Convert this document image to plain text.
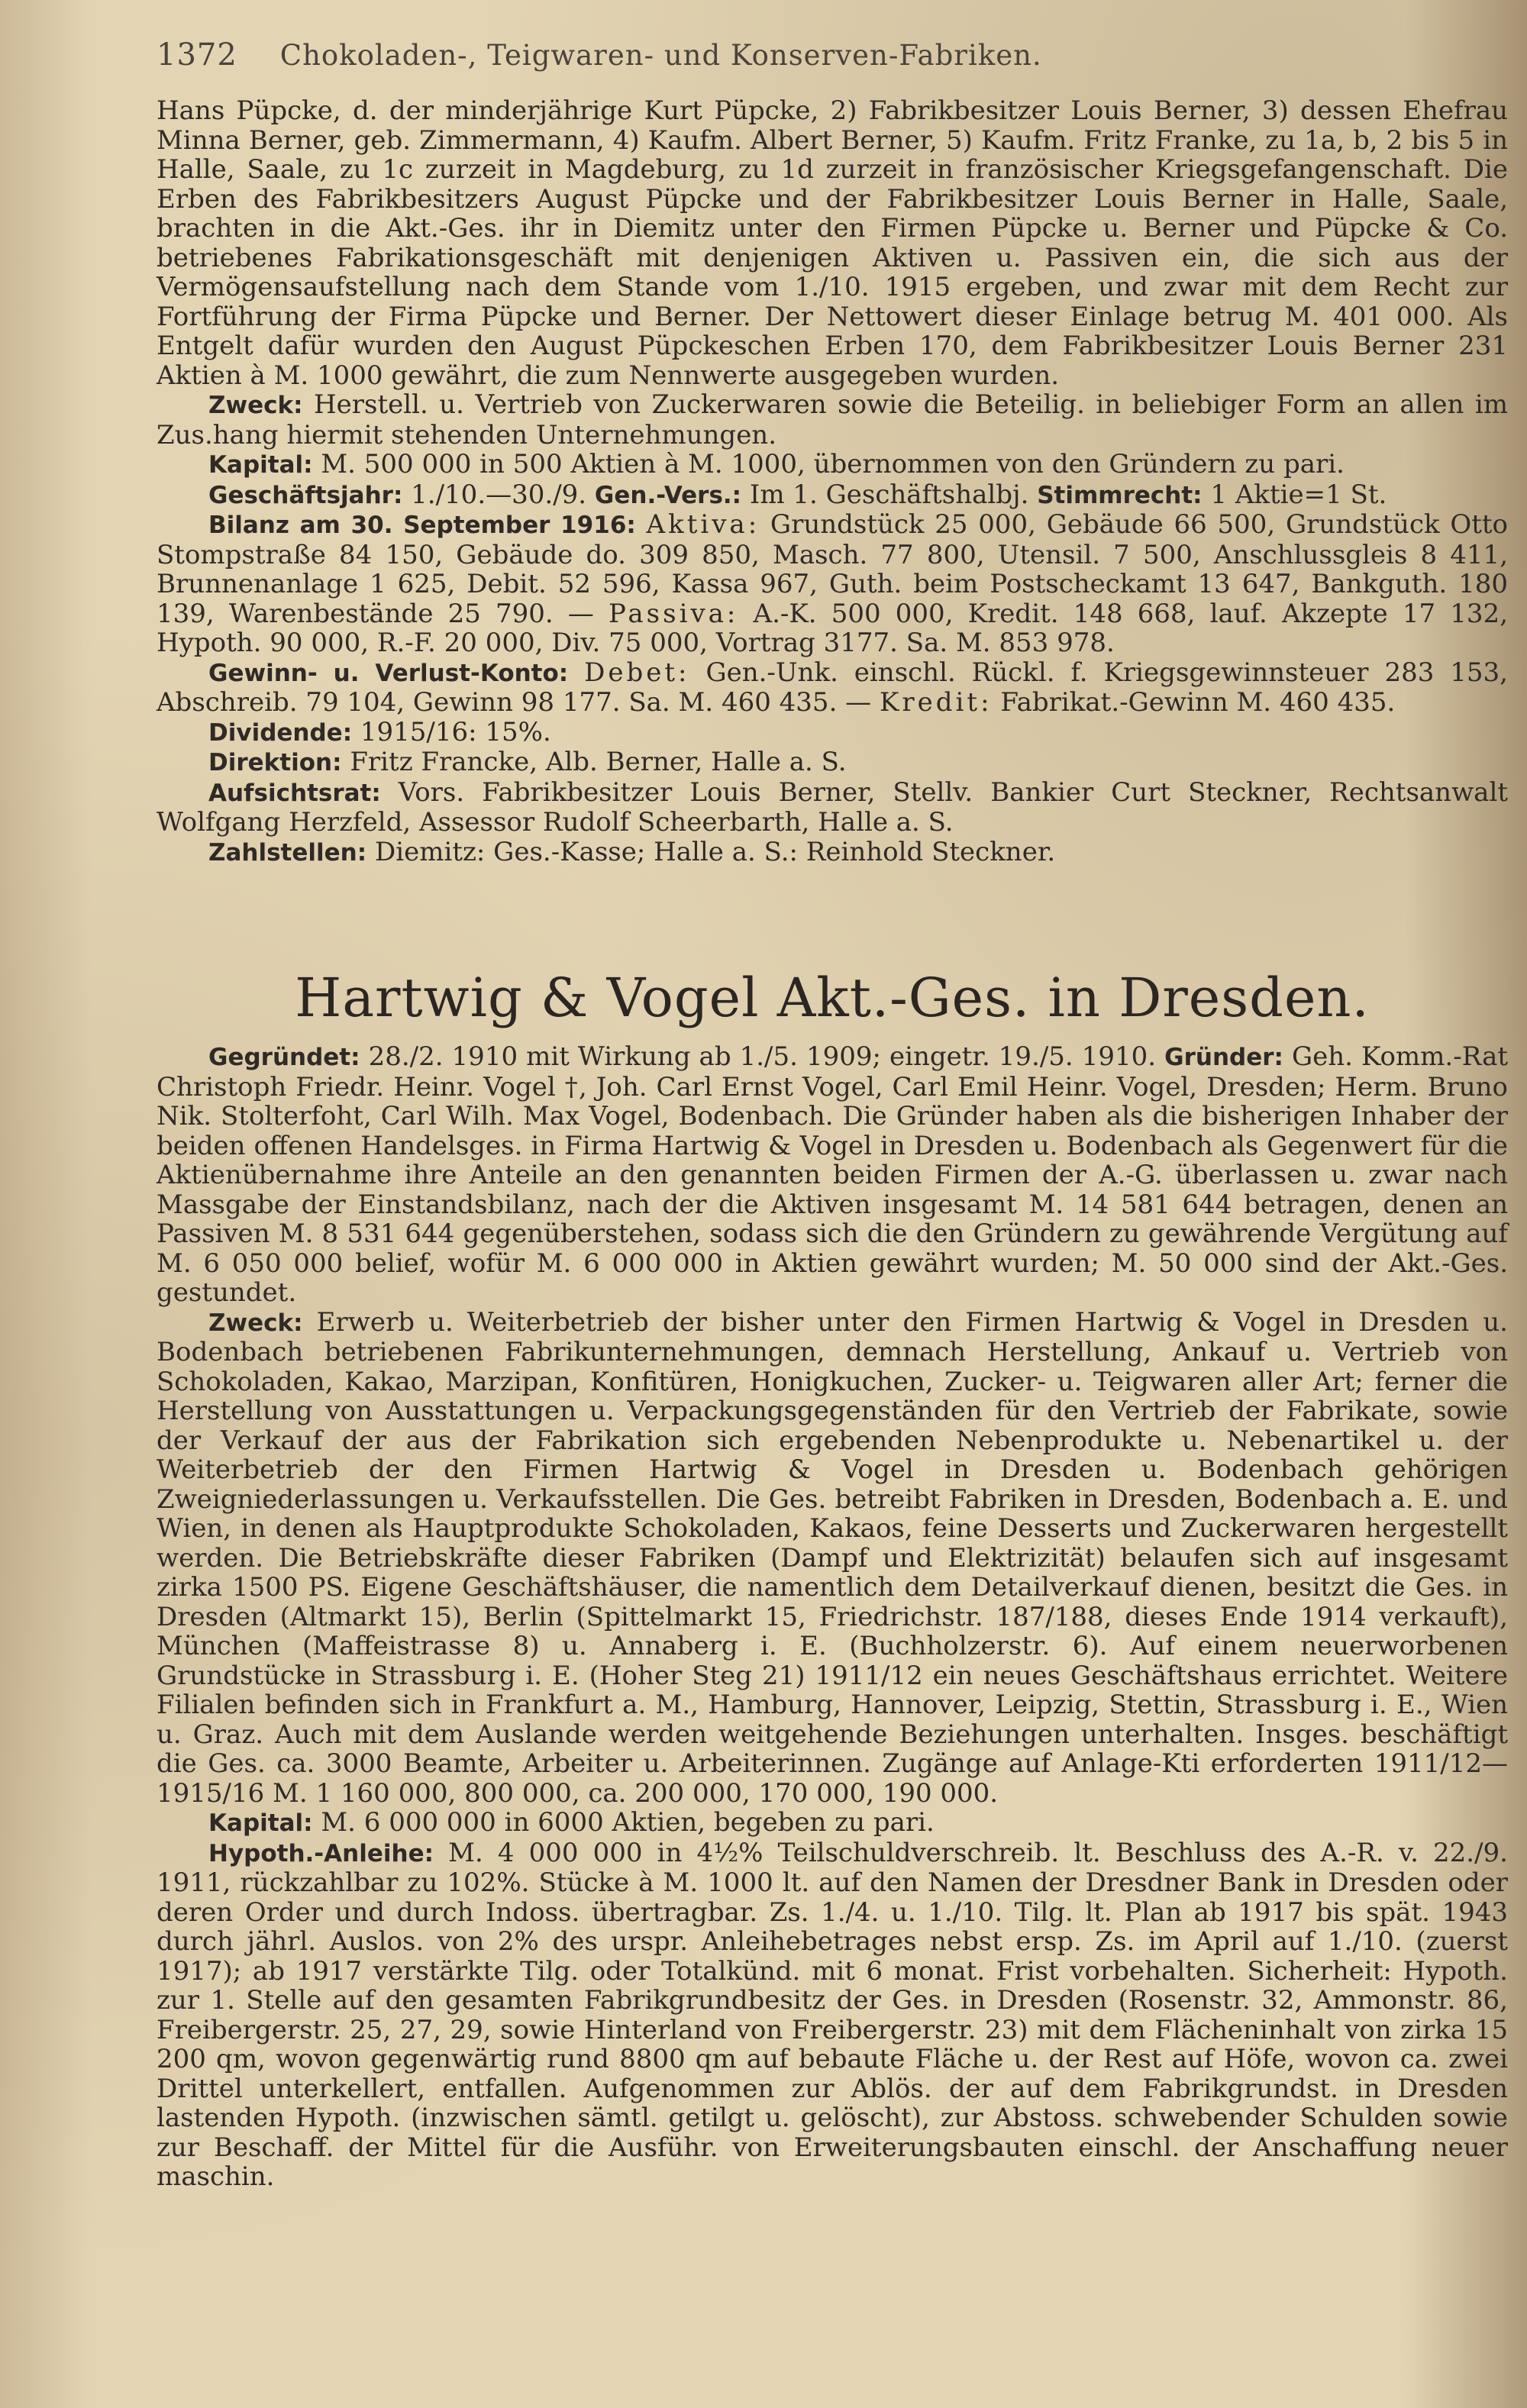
1372 Chokoladen-, Teigwaren- und Konserven-Fabriken.

Hans Püpcke, d. der minderjährige Kurt Püpcke, 2) Fabrikbesitzer Louis Berner, 3) dessen Ehefrau Minna Berner, geb. Zimmermann, 4) Kaufm. Albert Berner, 5) Kaufm. Fritz Franke, zu 1a, b, 2 bis 5 in Halle, Saale, zu 1c zurzeit in Magdeburg, zu 1d zurzeit in französischer Kriegsgefangenschaft. Die Erben des Fabrikbesitzers August Püpcke und der Fabrikbesitzer Louis Berner in Halle, Saale, brachten in die Akt.-Ges. ihr in Diemitz unter den Firmen Püpcke u. Berner und Püpcke & Co. betriebenes Fabrikationsgeschäft mit denjenigen Aktiven u. Passiven ein, die sich aus der Vermögensaufstellung nach dem Stande vom 1./10. 1915 ergeben, und zwar mit dem Recht zur Fortführung der Firma Püpcke und Berner. Der Nettowert dieser Einlage betrug M. 401 000. Als Entgelt dafür wurden den August Püpckeschen Erben 170, dem Fabrikbesitzer Louis Berner 231 Aktien à M. 1000 gewährt, die zum Nennwerte ausgegeben wurden.

Zweck: Herstell. u. Vertrieb von Zuckerwaren sowie die Beteilig. in beliebiger Form an allen im Zus.hang hiermit stehenden Unternehmungen.

Kapital: M. 500 000 in 500 Aktien à M. 1000, übernommen von den Gründern zu pari.

Geschäftsjahr: 1./10.—30./9. Gen.-Vers.: Im 1. Geschäftshalbj. Stimmrecht: 1 Aktie=1 St.

Bilanz am 30. September 1916: Aktiva: Grundstück 25 000, Gebäude 66 500, Grundstück Otto Stompstraße 84 150, Gebäude do. 309 850, Masch. 77 800, Utensil. 7 500, Anschlussgleis 8 411, Brunnenanlage 1 625, Debit. 52 596, Kassa 967, Guth. beim Postscheckamt 13 647, Bankguth. 180 139, Warenbestände 25 790. — Passiva: A.-K. 500 000, Kredit. 148 668, lauf. Akzepte 17 132, Hypoth. 90 000, R.-F. 20 000, Div. 75 000, Vortrag 3177. Sa. M. 853 978.

Gewinn- u. Verlust-Konto: Debet: Gen.-Unk. einschl. Rückl. f. Kriegsgewinnsteuer 283 153, Abschreib. 79 104, Gewinn 98 177. Sa. M. 460 435. — Kredit: Fabrikat.-Gewinn M. 460 435.

Dividende: 1915/16: 15%.

Direktion: Fritz Francke, Alb. Berner, Halle a. S.

Aufsichtsrat: Vors. Fabrikbesitzer Louis Berner, Stellv. Bankier Curt Steckner, Rechtsanwalt Wolfgang Herzfeld, Assessor Rudolf Scheerbarth, Halle a. S.

Zahlstellen: Diemitz: Ges.-Kasse; Halle a. S.: Reinhold Steckner.

Hartwig & Vogel Akt.-Ges. in Dresden.

Gegründet: 28./2. 1910 mit Wirkung ab 1./5. 1909; eingetr. 19./5. 1910. Gründer: Geh. Komm.-Rat Christoph Friedr. Heinr. Vogel †, Joh. Carl Ernst Vogel, Carl Emil Heinr. Vogel, Dresden; Herm. Bruno Nik. Stolterfoht, Carl Wilh. Max Vogel, Bodenbach. Die Gründer haben als die bisherigen Inhaber der beiden offenen Handelsges. in Firma Hartwig & Vogel in Dresden u. Bodenbach als Gegenwert für die Aktienübernahme ihre Anteile an den genannten beiden Firmen der A.-G. überlassen u. zwar nach Massgabe der Einstandsbilanz, nach der die Aktiven insgesamt M. 14 581 644 betragen, denen an Passiven M. 8 531 644 gegenüberstehen, sodass sich die den Gründern zu gewährende Vergütung auf M. 6 050 000 belief, wofür M. 6 000 000 in Aktien gewährt wurden; M. 50 000 sind der Akt.-Ges. gestundet.

Zweck: Erwerb u. Weiterbetrieb der bisher unter den Firmen Hartwig & Vogel in Dresden u. Bodenbach betriebenen Fabrikunternehmungen, demnach Herstellung, Ankauf u. Vertrieb von Schokoladen, Kakao, Marzipan, Konfitüren, Honigkuchen, Zucker- u. Teigwaren aller Art; ferner die Herstellung von Ausstattungen u. Verpackungsgegenständen für den Vertrieb der Fabrikate, sowie der Verkauf der aus der Fabrikation sich ergebenden Nebenprodukte u. Nebenartikel u. der Weiterbetrieb der den Firmen Hartwig & Vogel in Dresden u. Bodenbach gehörigen Zweigniederlassungen u. Verkaufsstellen. Die Ges. betreibt Fabriken in Dresden, Bodenbach a. E. und Wien, in denen als Hauptprodukte Schokoladen, Kakaos, feine Desserts und Zuckerwaren hergestellt werden. Die Betriebskräfte dieser Fabriken (Dampf und Elektrizität) belaufen sich auf insgesamt zirka 1500 PS. Eigene Geschäftshäuser, die namentlich dem Detailverkauf dienen, besitzt die Ges. in Dresden (Altmarkt 15), Berlin (Spittelmarkt 15, Friedrichstr. 187/188, dieses Ende 1914 verkauft), München (Maffeistrasse 8) u. Annaberg i. E. (Buchholzerstr. 6). Auf einem neuerworbenen Grundstücke in Strassburg i. E. (Hoher Steg 21) 1911/12 ein neues Geschäftshaus errichtet. Weitere Filialen befinden sich in Frankfurt a. M., Hamburg, Hannover, Leipzig, Stettin, Strassburg i. E., Wien u. Graz. Auch mit dem Auslande werden weitgehende Beziehungen unterhalten. Insges. beschäftigt die Ges. ca. 3000 Beamte, Arbeiter u. Arbeiterinnen. Zugänge auf Anlage-Kti erforderten 1911/12—1915/16 M. 1 160 000, 800 000, ca. 200 000, 170 000, 190 000.

Kapital: M. 6 000 000 in 6000 Aktien, begeben zu pari.

Hypoth.-Anleihe: M. 4 000 000 in 4½% Teilschuldverschreib. lt. Beschluss des A.-R. v. 22./9. 1911, rückzahlbar zu 102%. Stücke à M. 1000 lt. auf den Namen der Dresdner Bank in Dresden oder deren Order und durch Indoss. übertragbar. Zs. 1./4. u. 1./10. Tilg. lt. Plan ab 1917 bis spät. 1943 durch jährl. Auslos. von 2% des urspr. Anleihebetrages nebst ersp. Zs. im April auf 1./10. (zuerst 1917); ab 1917 verstärkte Tilg. oder Totalkünd. mit 6 monat. Frist vorbehalten. Sicherheit: Hypoth. zur 1. Stelle auf den gesamten Fabrikgrundbesitz der Ges. in Dresden (Rosenstr. 32, Ammonstr. 86, Freibergerstr. 25, 27, 29, sowie Hinterland von Freibergerstr. 23) mit dem Flächeninhalt von zirka 15 200 qm, wovon gegenwärtig rund 8800 qm auf bebaute Fläche u. der Rest auf Höfe, wovon ca. zwei Drittel unterkellert, entfallen. Aufgenommen zur Ablös. der auf dem Fabrikgrundst. in Dresden lastenden Hypoth. (inzwischen sämtl. getilgt u. gelöscht), zur Abstoss. schwebender Schulden sowie zur Beschaff. der Mittel für die Ausführ. von Erweiterungsbauten einschl. der Anschaffung neuer maschin.
